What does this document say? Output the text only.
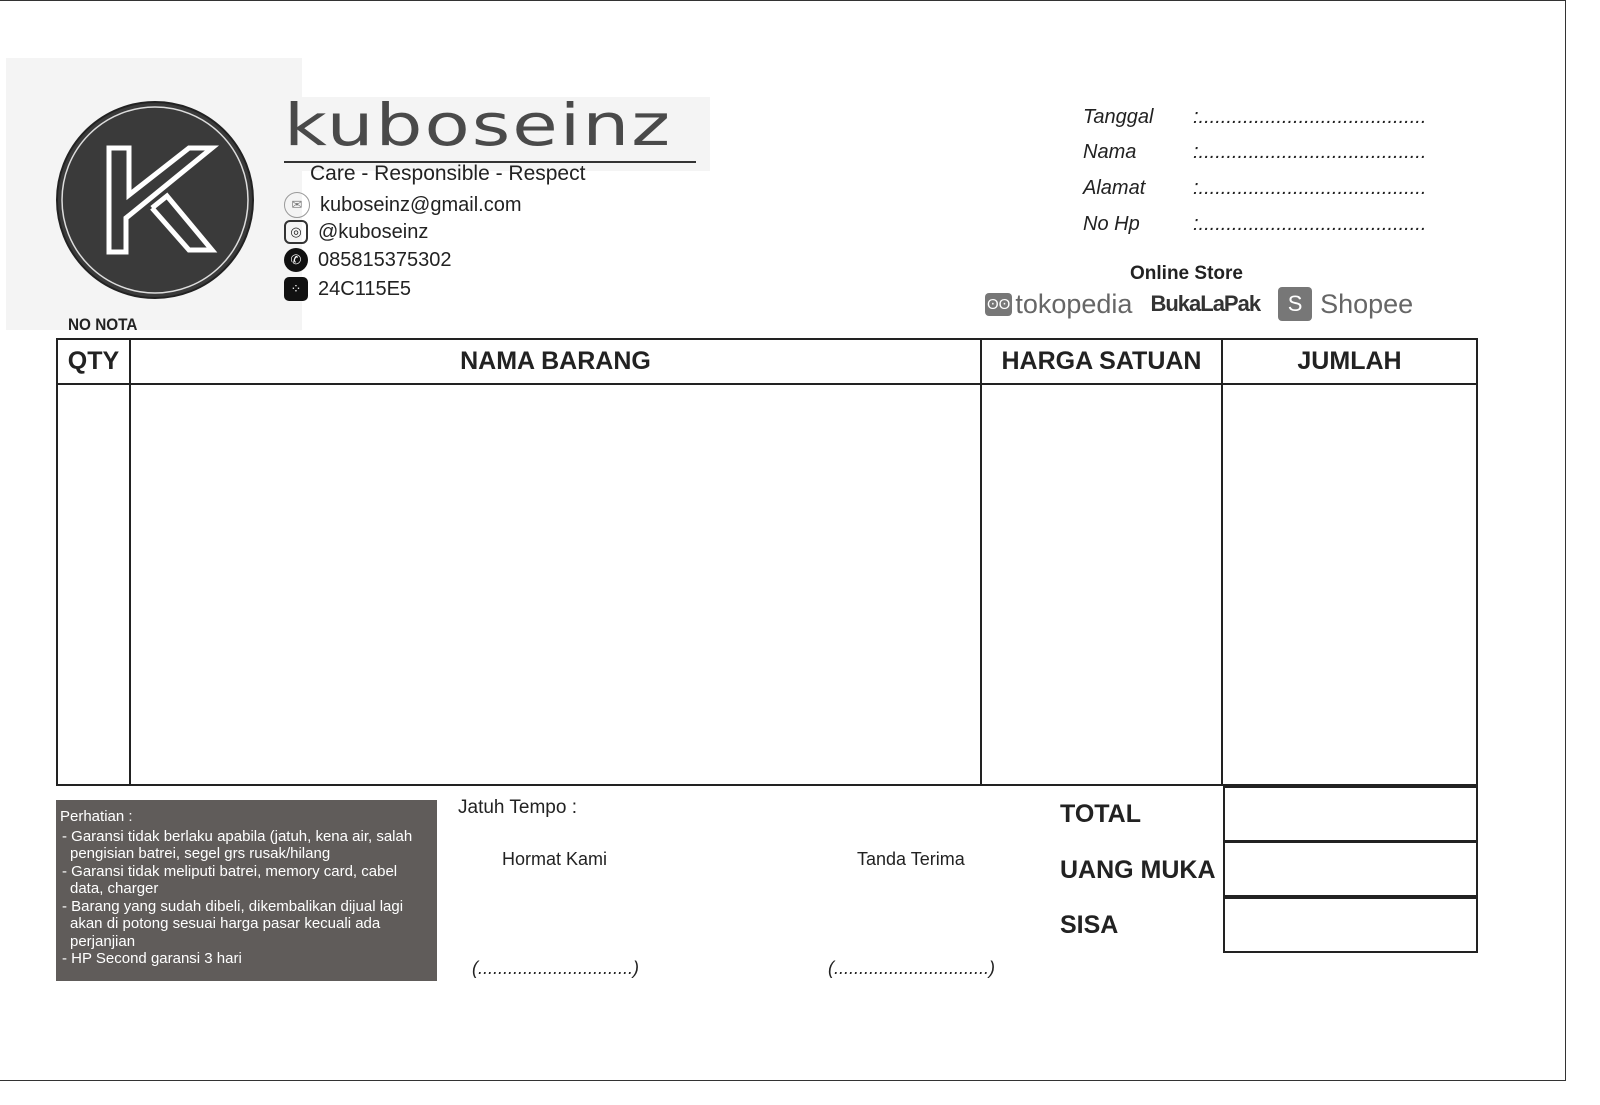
kuboseinz
Care - Responsible - Respect
✉ kuboseinz@gmail.com
◎ @kuboseinz
✆ 085815375302
⁘ 24C115E5
NO NOTA
Tanggal	:.........................................
Nama	:.........................................
Alamat	:.........................................
No Hp	:.........................................
Online Store
ʘʘ tokopedia BukaLaPak	S Shopee
QTY	NAMA BARANG	HARGA SATUAN	JUMLAH

Perhatian :
- Garansi tidak berlaku apabila (jatuh, kena air, salah pengisian batrei, segel grs rusak/hilang
- Garansi tidak meliputi batrei, memory card, cabel data, charger
- Barang yang sudah dibeli, dikembalikan dijual lagi akan di potong sesuai harga pasar kecuali ada perjanjian
- HP Second garansi 3 hari
Jatuh Tempo :
Hormat Kami	Tanda Terima
(...............................)	(...............................)
TOTAL
UANG MUKA
SISA
